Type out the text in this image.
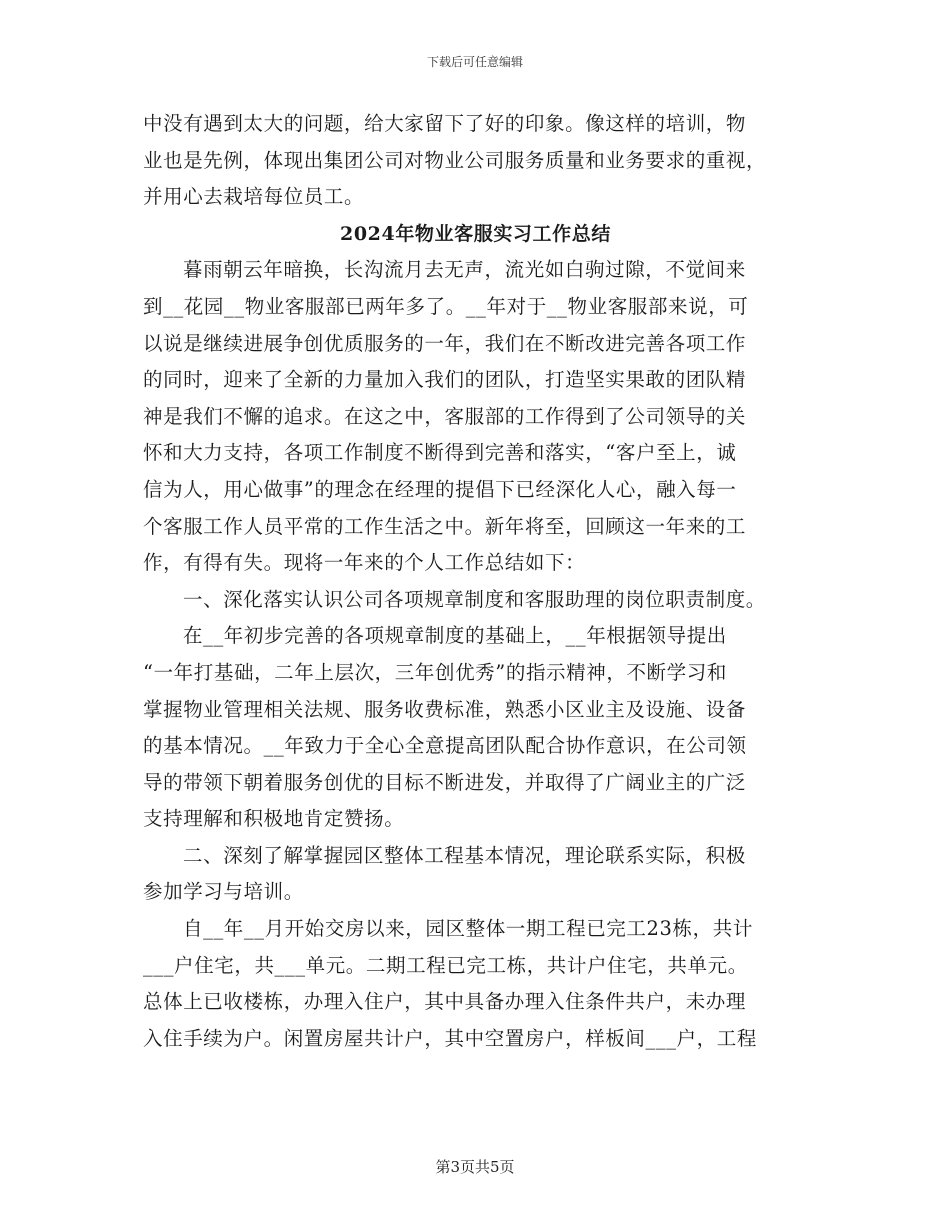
下载后可任意编辑
中没有遇到太大的问题，给大家留下了好的印象。像这样的培训，物
业也是先例，体现出集团公司对物业公司服务质量和业务要求的重视，
并用心去栽培每位员工。
2024年物业客服实习工作总结
暮雨朝云年暗换，长沟流月去无声，流光如白驹过隙，不觉间来
到__花园__物业客服部已两年多了。__年对于__物业客服部来说，可
以说是继续进展争创优质服务的一年，我们在不断改进完善各项工作
的同时，迎来了全新的力量加入我们的团队，打造坚实果敢的团队精
神是我们不懈的追求。在这之中，客服部的工作得到了公司领导的关
怀和大力支持，各项工作制度不断得到完善和落实，“客户至上，诚
信为人，用心做事”的理念在经理的提倡下已经深化人心，融入每一
个客服工作人员平常的工作生活之中。新年将至，回顾这一年来的工
作，有得有失。现将一年来的个人工作总结如下：
一、深化落实认识公司各项规章制度和客服助理的岗位职责制度。
在__年初步完善的各项规章制度的基础上，__年根据领导提出
“一年打基础，二年上层次，三年创优秀”的指示精神，不断学习和
掌握物业管理相关法规、服务收费标准，熟悉小区业主及设施、设备
的基本情况。__年致力于全心全意提高团队配合协作意识，在公司领
导的带领下朝着服务创优的目标不断进发，并取得了广阔业主的广泛
支持理解和积极地肯定赞扬。
二、深刻了解掌握园区整体工程基本情况，理论联系实际，积极
参加学习与培训。
自__年__月开始交房以来，园区整体一期工程已完工23栋，共计
___户住宅，共___单元。二期工程已完工栋，共计户住宅，共单元。
总体上已收楼栋，办理入住户，其中具备办理入住条件共户，未办理
入住手续为户。闲置房屋共计户，其中空置房户，样板间___户，工程
第3页共5页
